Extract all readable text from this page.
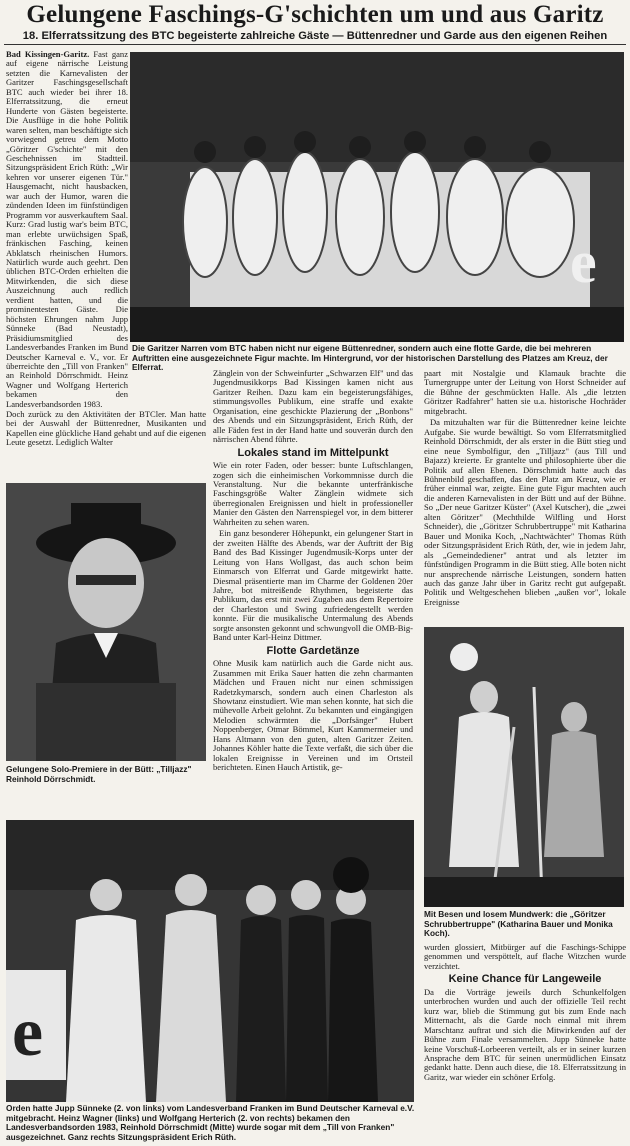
Gelungene Faschings-G'schichten um und aus Garitz
18. Elferratssitzung des BTC begeisterte zahlreiche Gäste — Büttenredner und Garde aus den eigenen Reihen

Bad Kissingen-Garitz. Fast ganz auf eigene närrische Leistung setzten die Karnevalisten der Garitzer Faschingsgesellschaft BTC auch wieder bei ihrer 18. Elferratssitzung, die erneut Hunderte von Gästen begeisterte. Die Ausflüge in die hohe Politik waren selten, man beschäftigte sich vorwiegend getreu dem Motto „Göritzer G'schichte" mit den Geschehnissen im Stadtteil. Sitzungspräsident Erich Rüth: „Wir kehren vor unserer eigenen Tür." Hausgemacht, nicht hausbacken, war auch der Humor, waren die zündenden Ideen im fünfstündigen Programm vor ausverkauftem Saal. Kurz: Grad lustig war's beim BTC, man erlebte urwüchsigen Spaß, fränkischen Fasching, keinen Abklatsch rheinischen Humors. Natürlich wurde auch geehrt. Den üblichen BTC-Orden erhielten die Mitwirkenden, die sich diese Auszeichnung auch redlich verdient hatten, und die prominentesten Gäste. Die höchsten Ehrungen nahm Jupp Sünneke (Bad Neustadt), Präsidiumsmitglied des Landesverbandes Franken im Bund Deutscher Karneval e. V., vor. Er überreichte den „Till von Franken" an Reinhold Dörrschmidt. Heinz Wagner und Wolfgang Herterich bekamen den Landesverbandsorden 1983.

Doch zurück zu den Aktivitäten der BTCler. Man hatte bei der Auswahl der Büttenredner, Musikanten und Kapellen eine glückliche Hand gehabt und auf die eigenen Leute gesetzt. Lediglich Walter

e
Die Garitzer Narren vom BTC haben nicht nur eigene Büttenredner, sondern auch eine flotte Garde, die bei mehreren Auftritten eine ausgezeichnete Figur machte. Im Hintergrund, vor der historischen Darstellung des Platzes am Kreuz, der Elferrat.

Zänglein von der Schweinfurter „Schwarzen Elf" und das Jugendmusikkorps Bad Kissingen kamen nicht aus Garitzer Reihen. Dazu kam ein begeisterungsfähiges, stimmungsvolles Publikum, eine straffe und exakte Organisation, eine geschickte Plazierung der „Bonbons" des Abends und ein Sitzungspräsident, Erich Rüth, der alle Fäden fest in der Hand hatte und souverän durch den närrischen Abend führte.

Lokales stand im Mittelpunkt

Wie ein roter Faden, oder besser: bunte Luftschlangen, zogen sich die einheimischen Vorkommnisse durch die Veranstaltung. Nur die bekannte unterfränkische Faschingsgröße Walter Zänglein widmete sich überregionalen Ereignissen und hielt in professioneller Manier den Gästen den Narrenspiegel vor, in dem bitterer Wahrheiten zu sehen waren.

Ein ganz besonderer Höhepunkt, ein gelungener Start in der zweiten Hälfte des Abends, war der Auftritt der Big Band des Bad Kissinger Jugendmusik-Korps unter der Leitung von Hans Wollgast, das auch schon beim Einmarsch von Elferrat und Garde mitgewirkt hatte. Diesmal präsentierte man im Charme der Goldenen 20er Jahre, bot mitreißende Rhythmen, begeisterte das Publikum, das erst mit zwei Zugaben aus dem Repertoire der Charleston und Swing zufriedengestellt werden konnte. Für die musikalische Untermalung des Abends sorgte ansonsten gekonnt und schwungvoll die OMB-Big-Band unter Karl-Heinz Dittmer.

Flotte Gardetänze

Ohne Musik kam natürlich auch die Garde nicht aus. Zusammen mit Erika Sauer hatten die zehn charmanten Mädchen und Frauen nicht nur einen schmissigen Radetzkymarsch, sondern auch einen Charleston als Showtanz einstudiert. Wie man sehen konnte, hat sich die mühevolle Arbeit gelohnt. Zu bekannten und eingängigen Melodien schwärmten die „Dorfsänger" Hubert Noppenberger, Otmar Bömmel, Kurt Kammermeier und Hans Altmann von den guten, alten Garitzer Zeiten. Johannes Köhler hatte die Texte verfaßt, die sich über die lokalen Ereignisse in Vereinen und im Ortsteil berichteten. Einen Hauch Artistik, ge-

Gelungene Solo-Premiere in der Bütt: „Tilljazz" Reinhold Dörrschmidt.

paart mit Nostalgie und Klamauk brachte die Turnergruppe unter der Leitung von Horst Schneider auf die Bühne der geschmückten Halle. Als „die letzten Göritzer Radfahrer" hatten sie u.a. historische Hochräder mitgebracht.

Da mitzuhalten war für die Büttenredner keine leichte Aufgabe. Sie wurde bewältigt. So vom Elferratsmitglied Reinhold Dörrschmidt, der als erster in die Bütt stieg und eine neue Symbolfigur, den „Tilljazz" (aus Till und Bajazz) kreierte. Er grantelte und philosophierte über die Politik auf allen Ebenen. Dörrschmidt hatte auch das Bühnenbild geschaffen, das den Platz am Kreuz, wie er früher einmal war, zeigte. Eine gute Figur machten auch die anderen Karnevalisten in der Bütt und auf der Bühne. So „Der neue Garitzer Küster" (Axel Kutscher), die „zwei alten Göritzer" (Mechthilde Wilfling und Horst Schneider), die „Göritzer Schrubbertruppe" mit Katharina Bauer und Monika Koch, „Nachtwächter" Thomas Rüth oder Sitzungspräsident Erich Rüth, der, wie in jedem Jahr, als „Gemeindediener" antrat und als letzter im fünfstündigen Programm in die Bütt stieg. Alle boten nicht nur ansprechende närrische Leistungen, sondern hatten auch das ganze Jahr über in Garitz recht gut aufgepaßt. Politik und Weltgeschehen blieben „außen vor", lokale Ereignisse

Mit Besen und losem Mundwerk: die „Göritzer Schrubbertruppe" (Katharina Bauer und Monika Koch).

wurden glossiert, Mitbürger auf die Faschings-Schippe genommen und verspöttelt, auf flache Witzchen wurde verzichtet.

Keine Chance für Langeweile

Da die Vorträge jeweils durch Schunkelfolgen unterbrochen wurden und auch der offizielle Teil recht kurz war, blieb die Stimmung gut bis zum Ende nach Mitternacht, als die Garde noch einmal mit ihrem Marschtanz auftrat und sich die Mitwirkenden auf der Bühne zum Finale versammelten. Jupp Sünneke hatte keine Vorschuß-Lorbeeren verteilt, als er in seiner kurzen Ansprache dem BTC für seinen unermüdlichen Einsatz gedankt hatte. Denn auch diese, die 18. Elferratssitzung in Garitz, war wieder ein schöner Erfolg.

e
Orden hatte Jupp Sünneke (2. von links) vom Landesverband Franken im Bund Deutscher Karneval e.V. mitgebracht. Heinz Wagner (links) und Wolfgang Herterich (2. von rechts) bekamen den Landesverbandsorden 1983, Reinhold Dörrschmidt (Mitte) wurde sogar mit dem „Till von Franken" ausgezeichnet. Ganz rechts Sitzungspräsident Erich Rüth.
